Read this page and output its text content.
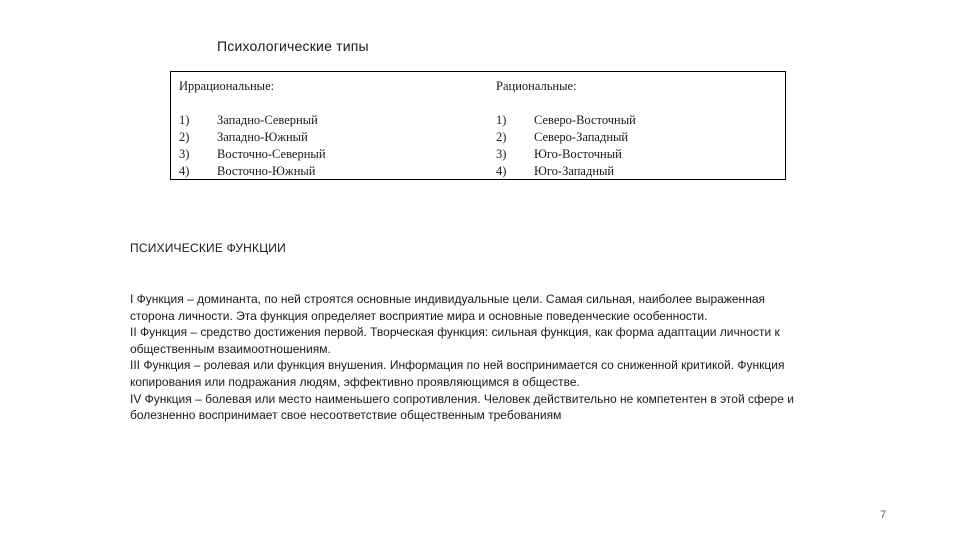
Психологические типы
Иррациональные:
1)	Западно-Северный
2)	Западно-Южный
3)	Восточно-Северный
4)	Восточно-Южный
Рациональные:
1)	Северо-Восточный
2)	Северо-Западный
3)	Юго-Восточный
4)	Юго-Западный
ПСИХИЧЕСКИЕ ФУНКЦИИ

I Функция – доминанта, по ней строятся основные индивидуальные цели. Самая сильная, наиболее выраженная сторона личности. Эта функция определяет восприятие мира и основные поведенческие особенности.

II Функция – средство достижения первой. Творческая функция: сильная функция, как форма адаптации личности к общественным взаимоотношениям.

III Функция – ролевая или функция внушения. Информация по ней воспринимается со сниженной критикой. Функция копирования или подражания людям, эффективно проявляющимся в обществе.

IV Функция – болевая или место наименьшего сопротивления. Человек действительно не компетентен в этой сфере и болезненно воспринимает свое несоответствие общественным требованиям

7
